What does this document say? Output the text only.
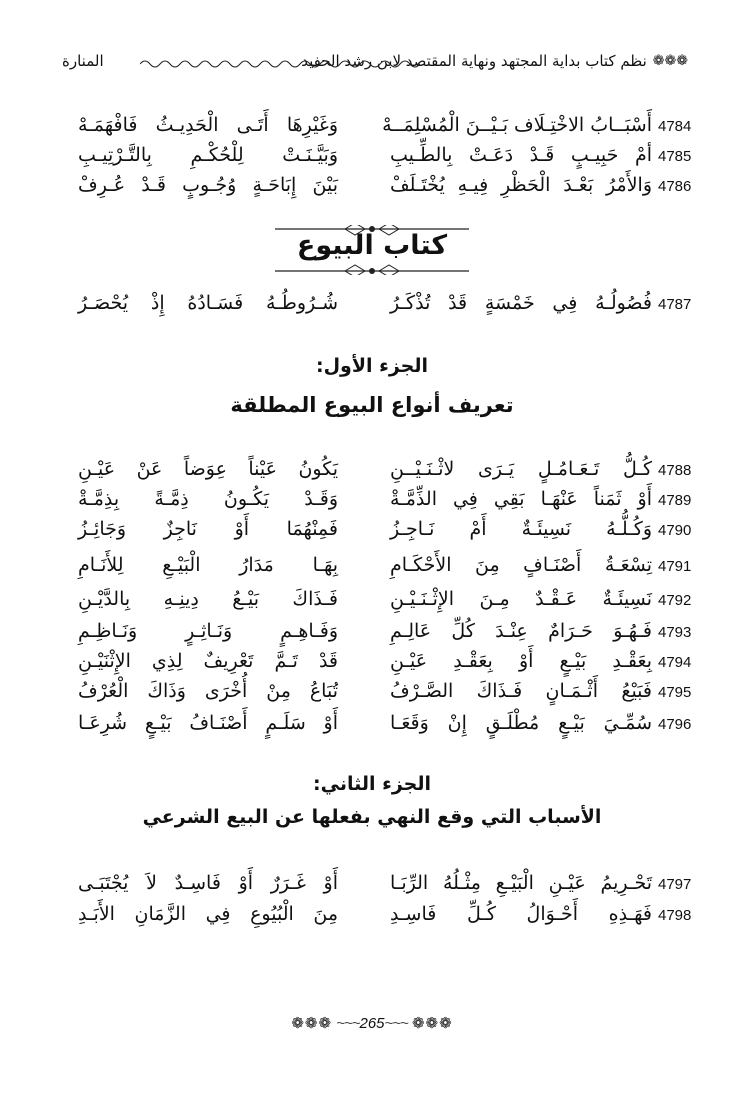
❁❁❁
نظم كتاب بداية المجتهد ونهاية المقتصد لابن رشد الحفيد
المنارة
4784
أَسْبَــابُ الاخْتِـلَاف بَـيْــنَ الْمُسْلِمَــهْ
وَغَيْرِهَا أَتَـى الْحَدِيـثُ فَافْهَمَـهْ
4785
أمْ حَبِيـبٍ قَـدْ دَعَـتْ بِالطِّـيبِ
وَبَيَّـنَـتْ لِلْحُكْـمِ بِالتَّـرْتِيـبِ
4786
وَالأَمْرُ بَعْـدَ الْحَظْرِ فِيـهِ يُخْتَـلَفْ
بَيْنَ إِبَاحَـةٍ وُجُـوبٍ قَـدْ عُـرِفْ
كتاب البيوع
4787
فُصُولُـهُ فِي خَمْسَةٍ قَدْ تُذْكَـرُ
شُـرُوطُـهُ فَسَـادُهُ إِذْ يُحْصَـرُ
الجزء الأول:
تعريف أنواع البيوع المطلقة
4788
كُـلُّ تَـعَـامُـلٍ يَـرَى لاثْـنَـيْــنِ
يَكُونُ عَيْناً عِوَضاً عَنْ عَيْـنِ
4789
أَوْ ثَمَناً عَنْهَـا بَقِي فِي الذِّمَّـةْ
وَقَـدْ يَكُـونُ ذِمَّـةً بِذِمَّـةْ
4790
وَكُـلُّـهُ نَسِيئَـةٌ أَمْ نَـاجِـزُ
فَمِنْهُمَا أَوْ نَاجِزٌ وَجَائِـزُ
4791
تِسْعَـةُ أَصْنَـافٍ مِنَ الأَحْكَـامِ
بِهَـا مَدَارُ الْبَيْـعِ لِلأَنَـامِ
4792
نَسِيئَـةٌ عَـقْـدٌ مِـنَ الإِثْـنَـيْـنِ
فَـذَاكَ بَيْـعُ دِينِـهِ بِالدَّيْـنِ
4793
فَـهُـوَ حَـرَامٌ عِنْـدَ كُلِّ عَالِـمِ
وَفَـاهِـمٍ وَنَـاثِـرٍ وَنَـاظِـمِ
4794
بِعَقْـدِ بَيْـعٍ أَوْ بِعَقْـدِ عَيْـنِ
قَدْ تَـمَّ تَعْرِيفٌ لِذِي الإِثْنَيْـنِ
4795
فَبَيْعُ أَثْـمَـانٍ فَـذَاكَ الصَّـرْفُ
تُبَاعُ مِنْ أُخْرَى وَذَاكَ الْعُرْفُ
4796
سُمِّـيَ بَيْـعٍ مُطْلَـقٍ إِنْ وَقَعَـا
أَوْ سَلَـمٍ أَصْنَـافُ بَيْـعٍ شُرِعَـا
الجزء الثاني:
الأسباب التي وقع النهي بفعلها عن البيع الشرعي
4797
تَحْـرِيمُ عَيْـنِ الْبَيْـعِ مِثْـلُهُ الرِّبَـا
أَوْ غَـرَرٌ أَوْ فَاسِـدٌ لاَ يُجْتَبَـى
4798
فَهَـذِهِ أَحْـوَالُ كُـلِّ فَاسِـدِ
مِنَ الْبُيُوعِ فِي الزَّمَانِ الأَبَـدِ
❁❁❁ ~~~265~~~ ❁❁❁
